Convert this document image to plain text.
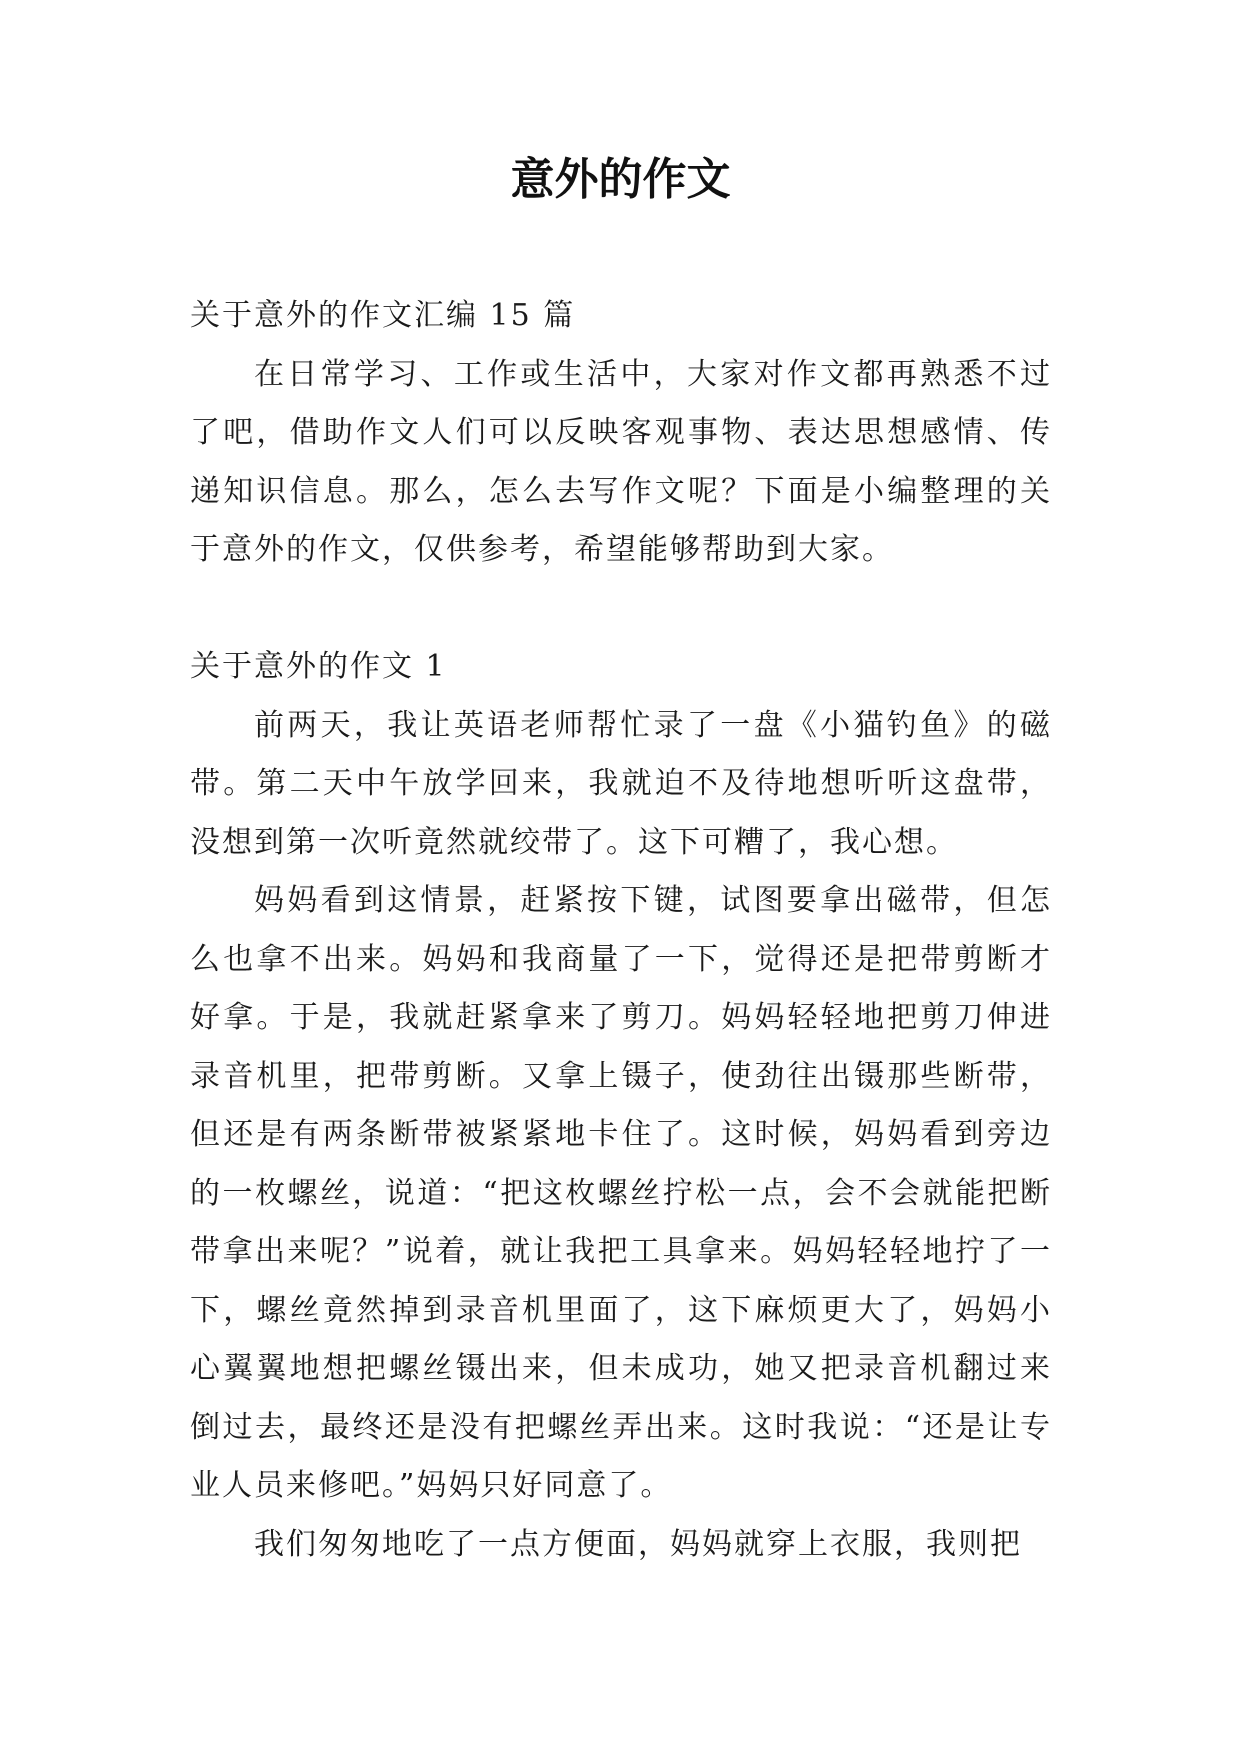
意外的作文

关于意外的作文汇编 15 篇

在日常学习、工作或生活中，大家对作文都再熟悉不过了吧，借助作文人们可以反映客观事物、表达思想感情、传递知识信息。那么，怎么去写作文呢？下面是小编整理的关于意外的作文，仅供参考，希望能够帮助到大家。

关于意外的作文 1

前两天，我让英语老师帮忙录了一盘《小猫钓鱼》的磁带。第二天中午放学回来，我就迫不及待地想听听这盘带，没想到第一次听竟然就绞带了。这下可糟了，我心想。

妈妈看到这情景，赶紧按下键，试图要拿出磁带，但怎么也拿不出来。妈妈和我商量了一下，觉得还是把带剪断才好拿。于是，我就赶紧拿来了剪刀。妈妈轻轻地把剪刀伸进录音机里，把带剪断。又拿上镊子，使劲往出镊那些断带，但还是有两条断带被紧紧地卡住了。这时候，妈妈看到旁边的一枚螺丝，说道：“把这枚螺丝拧松一点，会不会就能把断带拿出来呢？”说着，就让我把工具拿来。妈妈轻轻地拧了一下，螺丝竟然掉到录音机里面了，这下麻烦更大了，妈妈小心翼翼地想把螺丝镊出来，但未成功，她又把录音机翻过来倒过去，最终还是没有把螺丝弄出来。这时我说：“还是让专业人员来修吧。”妈妈只好同意了。

我们匆匆地吃了一点方便面，妈妈就穿上衣服，我则把
